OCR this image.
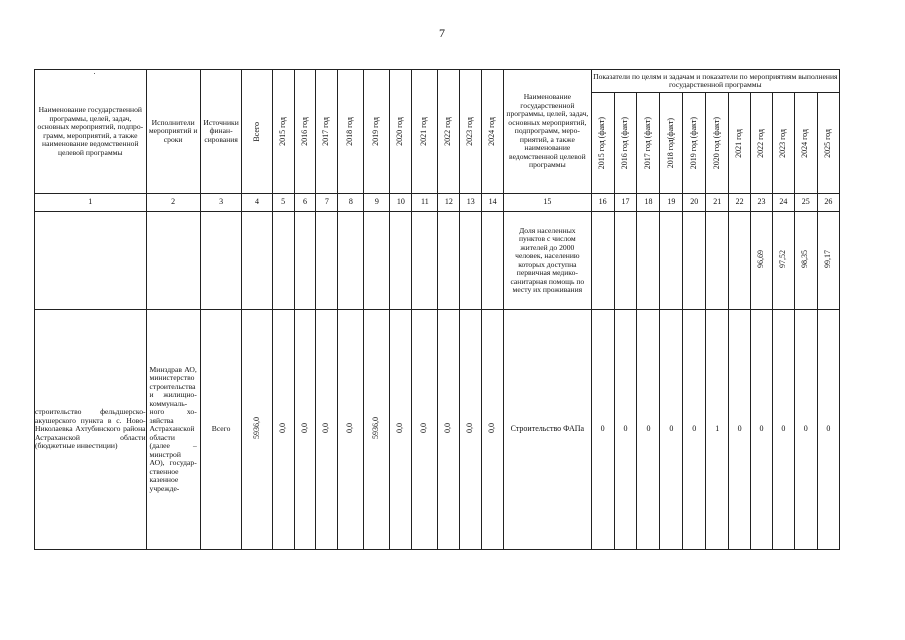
7
Наименование государственной программы, целей, задач, основных мероприятий, подпрограмм, мероприятий, а также наименование ведомственной целевой программы	Исполнители мероприятий и сроки	Источники финансирования	Всего	2015 год	2016 год	2017 год	2018 год	2019 год	2020 год	2021 год	2022 год	2023 год	2024 год	Наименование государственной программы, целей, задач, основных мероприятий, подпрограмм, мероприятий, а также наименование ведомственной целевой программы	Показатели по целям и задачам и показатели по мероприятиям выполнения государственной программы										

															2015 год (факт)	2016 год (факт)	2017 год (факт)	2018 год(факт)	2019 год (факт)	2020 год (факт)	2021 год	2022 год	2023 год	2024 год	2025 год

1	2	3	4	5	6	7	8	9	10	11	12	13	14	15	16	17	18	19	20	21	22	23	24	25	26
														Доля населенных пунктов с числом жителей до 2000 человек, населению которых доступна первичная медико-санитарная помощь по месту их проживания								96,69	97,52	98,35	99,17
строительство фельдшерско-акушерского пункта в с. Ново-Николаевка Ахтубинского района Астраханской области (бюджетные инвестиции)	Минздрав АО, министерство строительства и жилищно-коммунального хозяйства Астраханской области (далее – минстрой АО), государственное казенное учрежде-	Всего	5936,0	0,0	0,0	0,0	0,0	5936,0	0,0	0,0	0,0	0,0	0,0	Строительство ФАПа	0	0	0	0	0	1	0	0	0	0	0
